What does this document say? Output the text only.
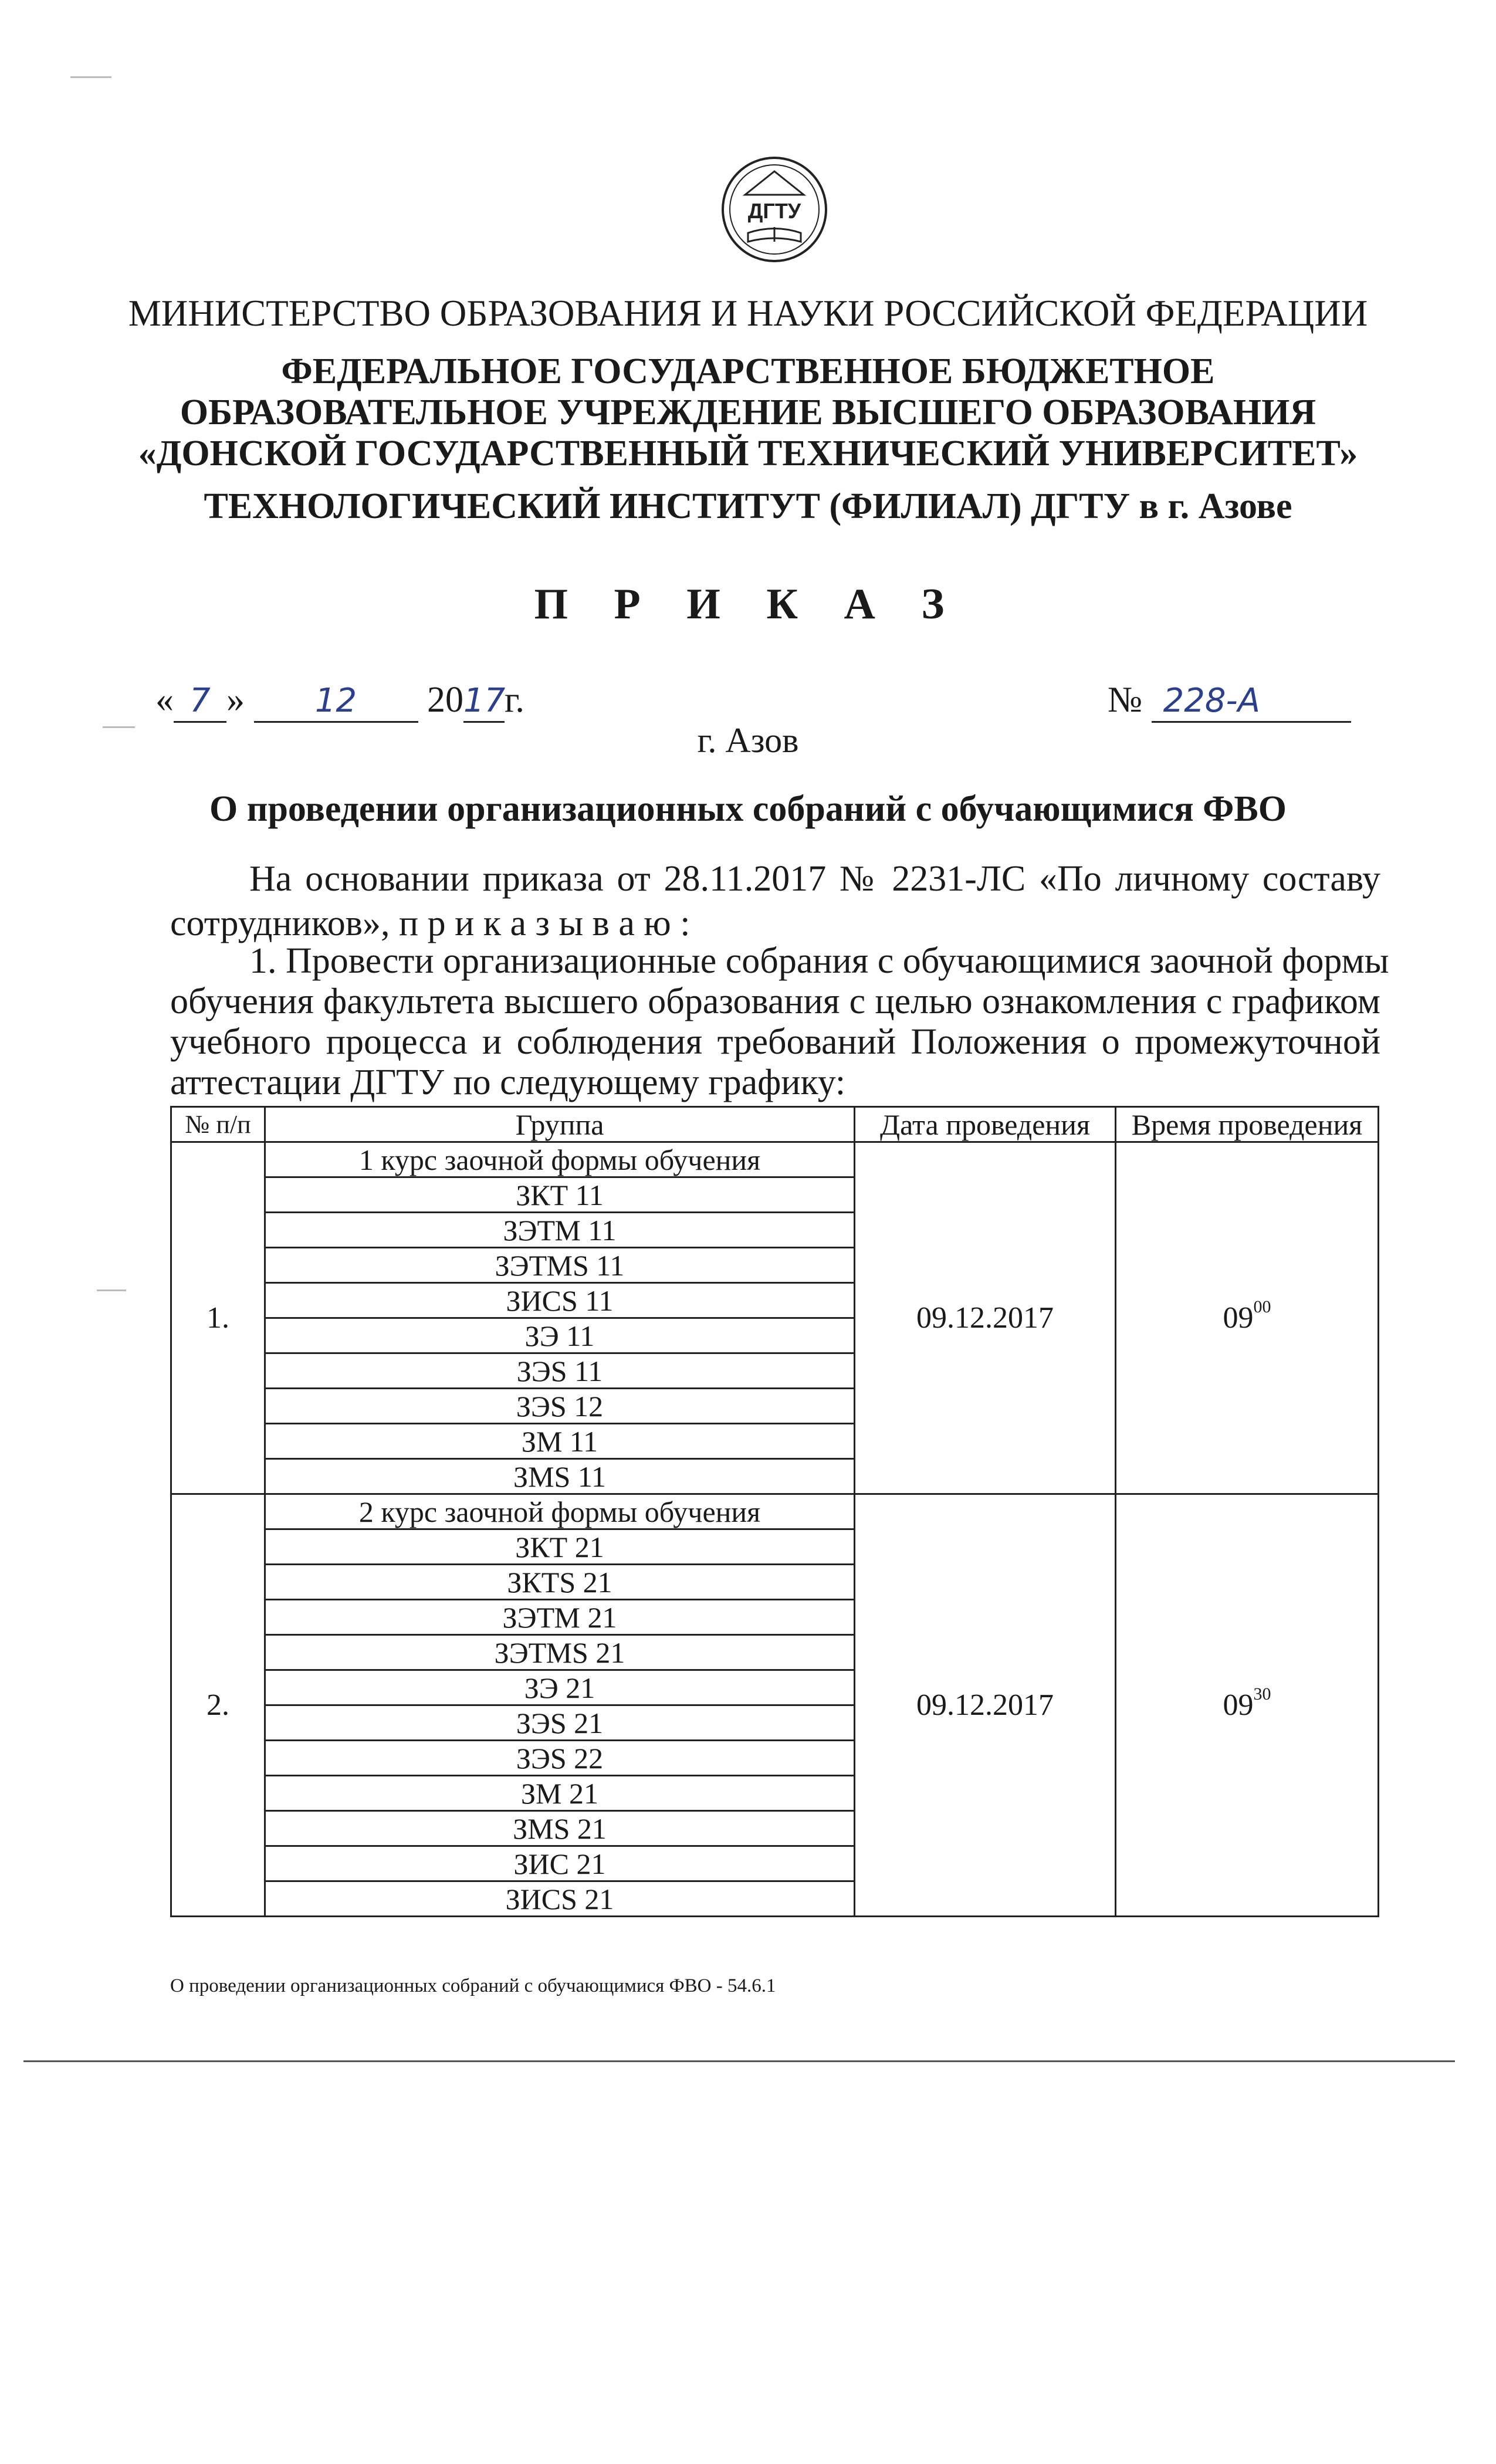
ДГТУ
МИНИСТЕРСТВО ОБРАЗОВАНИЯ И НАУКИ РОССИЙСКОЙ ФЕДЕРАЦИИ
ФЕДЕРАЛЬНОЕ ГОСУДАРСТВЕННОЕ БЮДЖЕТНОЕ
ОБРАЗОВАТЕЛЬНОЕ УЧРЕЖДЕНИЕ ВЫСШЕГО ОБРАЗОВАНИЯ
«ДОНСКОЙ ГОСУДАРСТВЕННЫЙ ТЕХНИЧЕСКИЙ УНИВЕРСИТЕТ»
ТЕХНОЛОГИЧЕСКИЙ ИНСТИТУТ (ФИЛИАЛ) ДГТУ в г. Азове
П Р И К А З
« 7 » 12 2017г.	№ 228-А
г. Азов
О проведении организационных собраний с обучающимися ФВО
На основании приказа от 28.11.2017 № 2231-ЛС «По личному составу
сотрудников», п р и к а з ы в а ю :
1. Провести организационные собрания с обучающимися заочной формы
обучения факультета высшего образования с целью ознакомления с графиком
учебного процесса и соблюдения требований Положения о промежуточной
аттестации ДГТУ по следующему графику:
№ п/п	Группа	Дата проведения	Время проведения
1.	1 курс заочной формы обучения	09.12.2017	$09^{00}$
	ЗКТ 11		
	ЗЭТМ 11		
	ЗЭТМS 11		
	ЗИСS 11		
	ЗЭ 11		
	ЗЭS 11		
	ЗЭS 12		
	ЗМ 11		
	ЗMS 11		
2.	2 курс заочной формы обучения	09.12.2017	$09^{30}$
	ЗКТ 21		
	ЗКТS 21		
	ЗЭТМ 21		
	ЗЭТМS 21		
	ЗЭ 21		
	ЗЭS 21		
	ЗЭS 22		
	ЗМ 21		
	ЗMS 21		
	ЗИС 21		
	ЗИСS 21		
О проведении организационных собраний с обучающимися ФВО - 54.6.1
